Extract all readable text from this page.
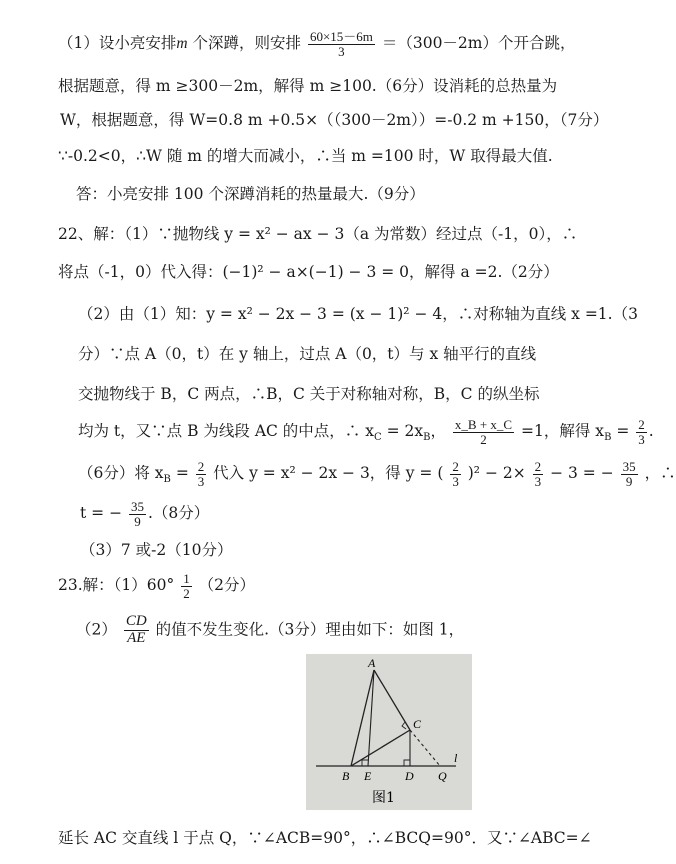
（1）设小亮安排m 个深蹲，则安排 $\frac{60\times 15-6m}{3} =(300-2m)$个开合跳，
根据题意，得 m ≥300－2m，解得 m ≥100.（6分）设消耗的总热量为
W，根据题意，得 W=0.8 m +0.5×（（300－2m））=-0.2 m +150，（7分）
∵-0.2<0，∴W 随 m 的增大而减小，∴当 m =100 时，W 取得最大值.
答：小亮安排 100 个深蹲消耗的热量最大.（9分）
22、解：（1）∵抛物线 y = x² − ax − 3（a 为常数）经过点（-1，0），∴
将点（-1，0）代入得：(−1)² − a×(−1) − 3 = 0，解得 a =2.（2分）
（2）由（1）知：y = x² − 2x − 3 = (x − 1)² − 4，∴对称轴为直线 x =1.（3
分）∵点 A（0，t）在 y 轴上，过点 A（0，t）与 x 轴平行的直线
交抛物线于 B，C 两点，∴B，C 关于对称轴对称，B，C 的纵坐标
均为 t，又∵点 B 为线段 AC 的中点，∴ $x_C = 2x_B$， $\frac{x\_B + x\_C}{2} =1$，解得 $x_B = \frac{2}{3}$ .
（6分）将 $x_B = \frac{2}{3}$ 代入 y = x² − 2x − 3，得 y = ( $\frac{2}{3} )^2 - 2\times \frac{2}{3} - 3$ = − $\frac{35}{9}$ ，∴
t = − $\frac{35}{9} .(8$分）
（3）7 或-2（10分）
23.解：$(1)60^\circ \frac{1}{2} (2$分）
$(2) \frac{CD}{AE}$ 的值不发生变化.（3分）理由如下：如图 1，
A
B
C
D
E	Q
l
图1
延长 AC 交直线 l 于点 Q，∵∠ACB=90°，∴∠BCQ=90°．又∵∠ABC=∠
